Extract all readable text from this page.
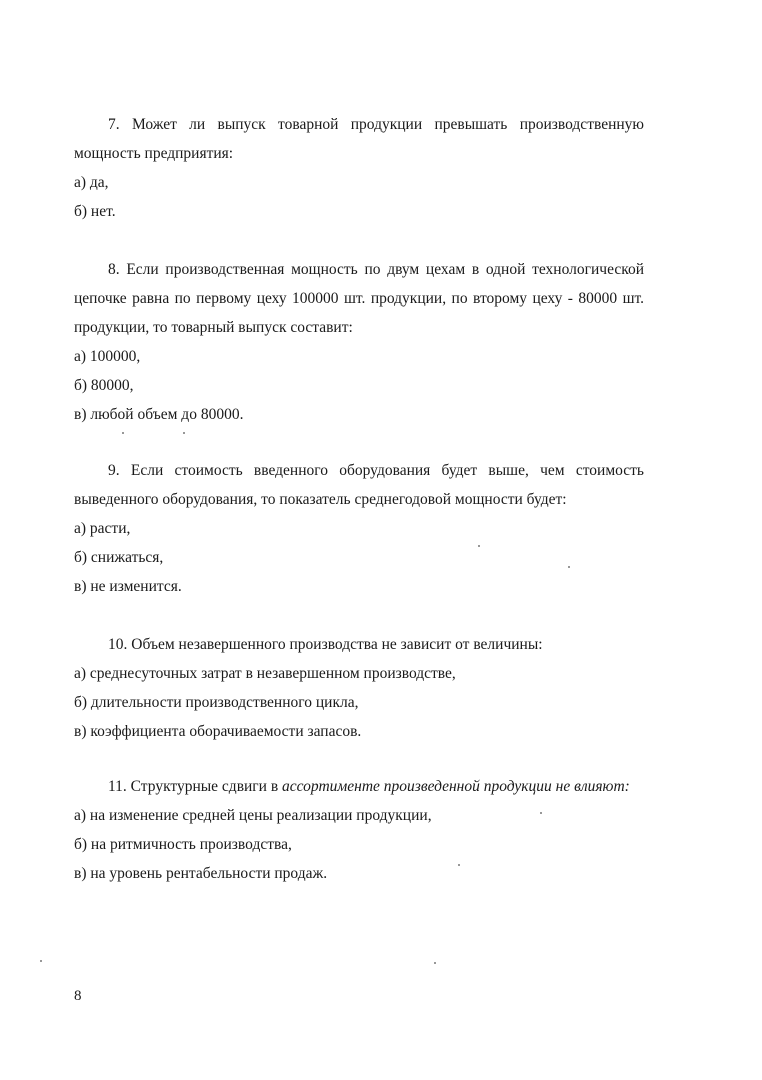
7. Может ли выпуск товарной продукции превышать производственную мощность предприятия:

а) да,

б) нет.

8. Если производственная мощность по двум цехам в одной технологической цепочке равна по первому цеху 100000 шт. продукции, по второму цеху - 80000 шт. продукции, то товарный выпуск составит:

а) 100000,

б) 80000,

в) любой объем до 80000.

9. Если стоимость введенного оборудования будет выше, чем стоимость выведенного оборудования, то показатель среднегодовой мощности будет:

а) расти,

б) снижаться,

в) не изменится.

10. Объем незавершенного производства не зависит от величины:

а) среднесуточных затрат в незавершенном производстве,

б) длительности производственного цикла,

в) коэффициента оборачиваемости запасов.

11. Структурные сдвиги в ассортименте произведенной продукции не влияют:

а) на изменение средней цены реализации продукции,

б) на ритмичность производства,

в) на уровень рентабельности продаж.

8
